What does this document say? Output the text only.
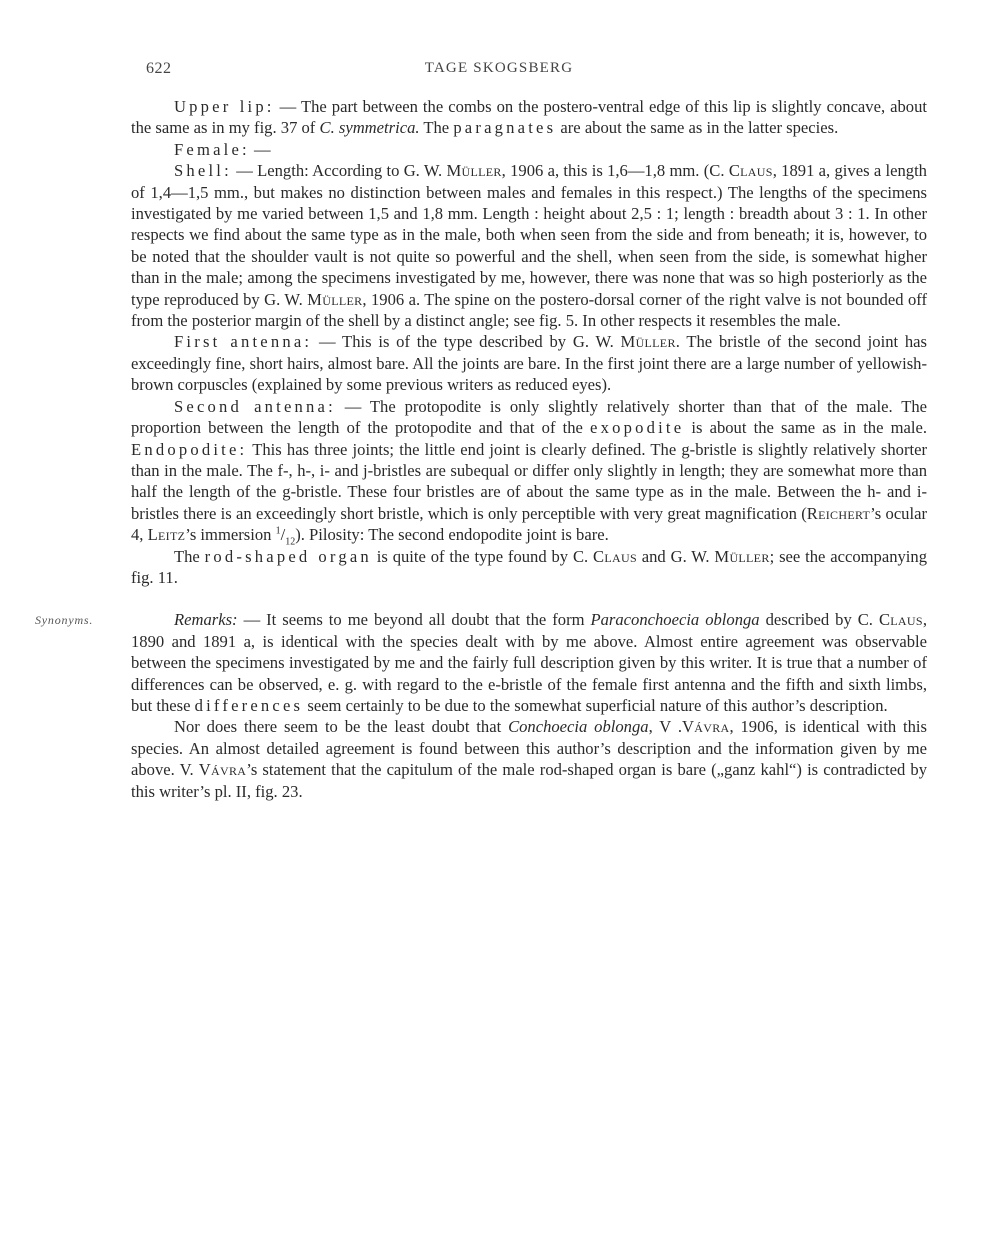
622	TAGE SKOGSBERG

Upper lip: — The part between the combs on the postero-ventral edge of this lip is slightly concave, about the same as in my fig. 37 of C. symmetrica. The paragnates are about the same as in the latter species.

Female: —

Shell: — Length: According to G. W. Müller, 1906 a, this is 1,6—1,8 mm. (C. Claus, 1891 a, gives a length of 1,4—1,5 mm., but makes no distinction between males and females in this respect.) The lengths of the specimens investigated by me varied between 1,5 and 1,8 mm. Length : height about 2,5 : 1; length : breadth about 3 : 1. In other respects we find about the same type as in the male, both when seen from the side and from beneath; it is, however, to be noted that the shoulder vault is not quite so powerful and the shell, when seen from the side, is somewhat higher than in the male; among the specimens investigated by me, however, there was none that was so high posteriorly as the type reproduced by G. W. Müller, 1906 a. The spine on the postero-dorsal corner of the right valve is not bounded off from the posterior margin of the shell by a distinct angle; see fig. 5. In other respects it resembles the male.

First antenna: — This is of the type described by G. W. Müller. The bristle of the second joint has exceedingly fine, short hairs, almost bare. All the joints are bare. In the first joint there are a large number of yellowish-brown corpuscles (explained by some previous writers as reduced eyes).

Second antenna: — The protopodite is only slightly relatively shorter than that of the male. The proportion between the length of the protopodite and that of the exopodite is about the same as in the male. Endopodite: This has three joints; the little end joint is clearly defined. The g-bristle is slightly relatively shorter than in the male. The f-, h-, i- and j-bristles are subequal or differ only slightly in length; they are somewhat more than half the length of the g-bristle. These four bristles are of about the same type as in the male. Between the h- and i-bristles there is an exceedingly short bristle, which is only perceptible with very great magnification (Reichert’s ocular 4, Leitz’s immersion $^1/_{12}$). Pilosity: The second endopodite joint is bare.

The rod-shaped organ is quite of the type found by C. Claus and G. W. Müller; see the accompanying fig. 11.

Synonyms.	Remarks: — It seems to me beyond all doubt that the form Paraconchoecia oblonga described by C. Claus, 1890 and 1891 a, is identical with the species dealt with by me above. Almost entire agreement was observable between the specimens investigated by me and the fairly full description given by this writer. It is true that a number of differences can be observed, e. g. with regard to the e-bristle of the female first antenna and the fifth and sixth limbs, but these differences seem certainly to be due to the somewhat superficial nature of this author’s description.

Nor does there seem to be the least doubt that Conchoecia oblonga, V .Vávra, 1906, is identical with this species. An almost detailed agreement is found between this author’s description and the information given by me above. V. Vávra’s statement that the capitulum of the male rod-shaped organ is bare („ganz kahl“) is contradicted by this writer’s pl. II, fig. 23.
